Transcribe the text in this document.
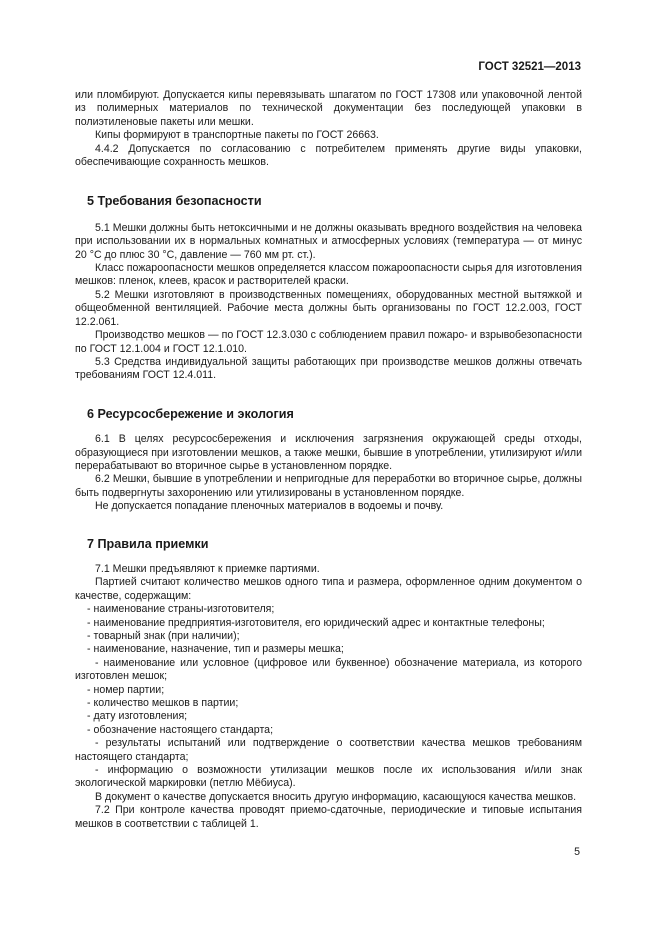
ГОСТ 32521—2013

или пломбируют. Допускается кипы перевязывать шпагатом по ГОСТ 17308 или упаковочной лентой из полимерных материалов по технической документации без последующей упаковки в полиэтиленовые пакеты или мешки.

Кипы формируют в транспортные пакеты по ГОСТ 26663.

4.4.2 Допускается по согласованию с потребителем применять другие виды упаковки, обеспечивающие сохранность мешков.

5 Требования безопасности

5.1 Мешки должны быть нетоксичными и не должны оказывать вредного воздействия на человека при использовании их в нормальных комнатных и атмосферных условиях (температура — от минус 20 °С до плюс 30 °С, давление — 760 мм рт. ст.).

Класс пожароопасности мешков определяется классом пожароопасности сырья для изготовления мешков: пленок, клеев, красок и растворителей краски.

5.2 Мешки изготовляют в производственных помещениях, оборудованных местной вытяжкой и общеобменной вентиляцией. Рабочие места должны быть организованы по ГОСТ 12.2.003, ГОСТ 12.2.061.

Производство мешков — по ГОСТ 12.3.030 с соблюдением правил пожаро- и взрывобезопасности по ГОСТ 12.1.004 и ГОСТ 12.1.010.

5.3 Средства индивидуальной защиты работающих при производстве мешков должны отвечать требованиям ГОСТ 12.4.011.

6 Ресурсосбережение и экология

6.1 В целях ресурсосбережения и исключения загрязнения окружающей среды отходы, образующиеся при изготовлении мешков, а также мешки, бывшие в употреблении, утилизируют и/или перерабатывают во вторичное сырье в установленном порядке.

6.2 Мешки, бывшие в употреблении и непригодные для переработки во вторичное сырье, должны быть подвергнуты захоронению или утилизированы в установленном порядке.

Не допускается попадание пленочных материалов в водоемы и почву.

7 Правила приемки

7.1 Мешки предъявляют к приемке партиями.

Партией считают количество мешков одного типа и размера, оформленное одним документом о качестве, содержащим:

- наименование страны-изготовителя;

- наименование предприятия-изготовителя, его юридический адрес и контактные телефоны;

- товарный знак (при наличии);

- наименование, назначение, тип и размеры мешка;

- наименование или условное (цифровое или буквенное) обозначение материала, из которого изготовлен мешок;

- номер партии;

- количество мешков в партии;

- дату изготовления;

- обозначение настоящего стандарта;

- результаты испытаний или подтверждение о соответствии качества мешков требованиям настоящего стандарта;

- информацию о возможности утилизации мешков после их использования и/или знак экологической маркировки (петлю Мёбиуса).

В документ о качестве допускается вносить другую информацию, касающуюся качества мешков.

7.2 При контроле качества проводят приемо-сдаточные, периодические и типовые испытания мешков в соответствии с таблицей 1.

5
